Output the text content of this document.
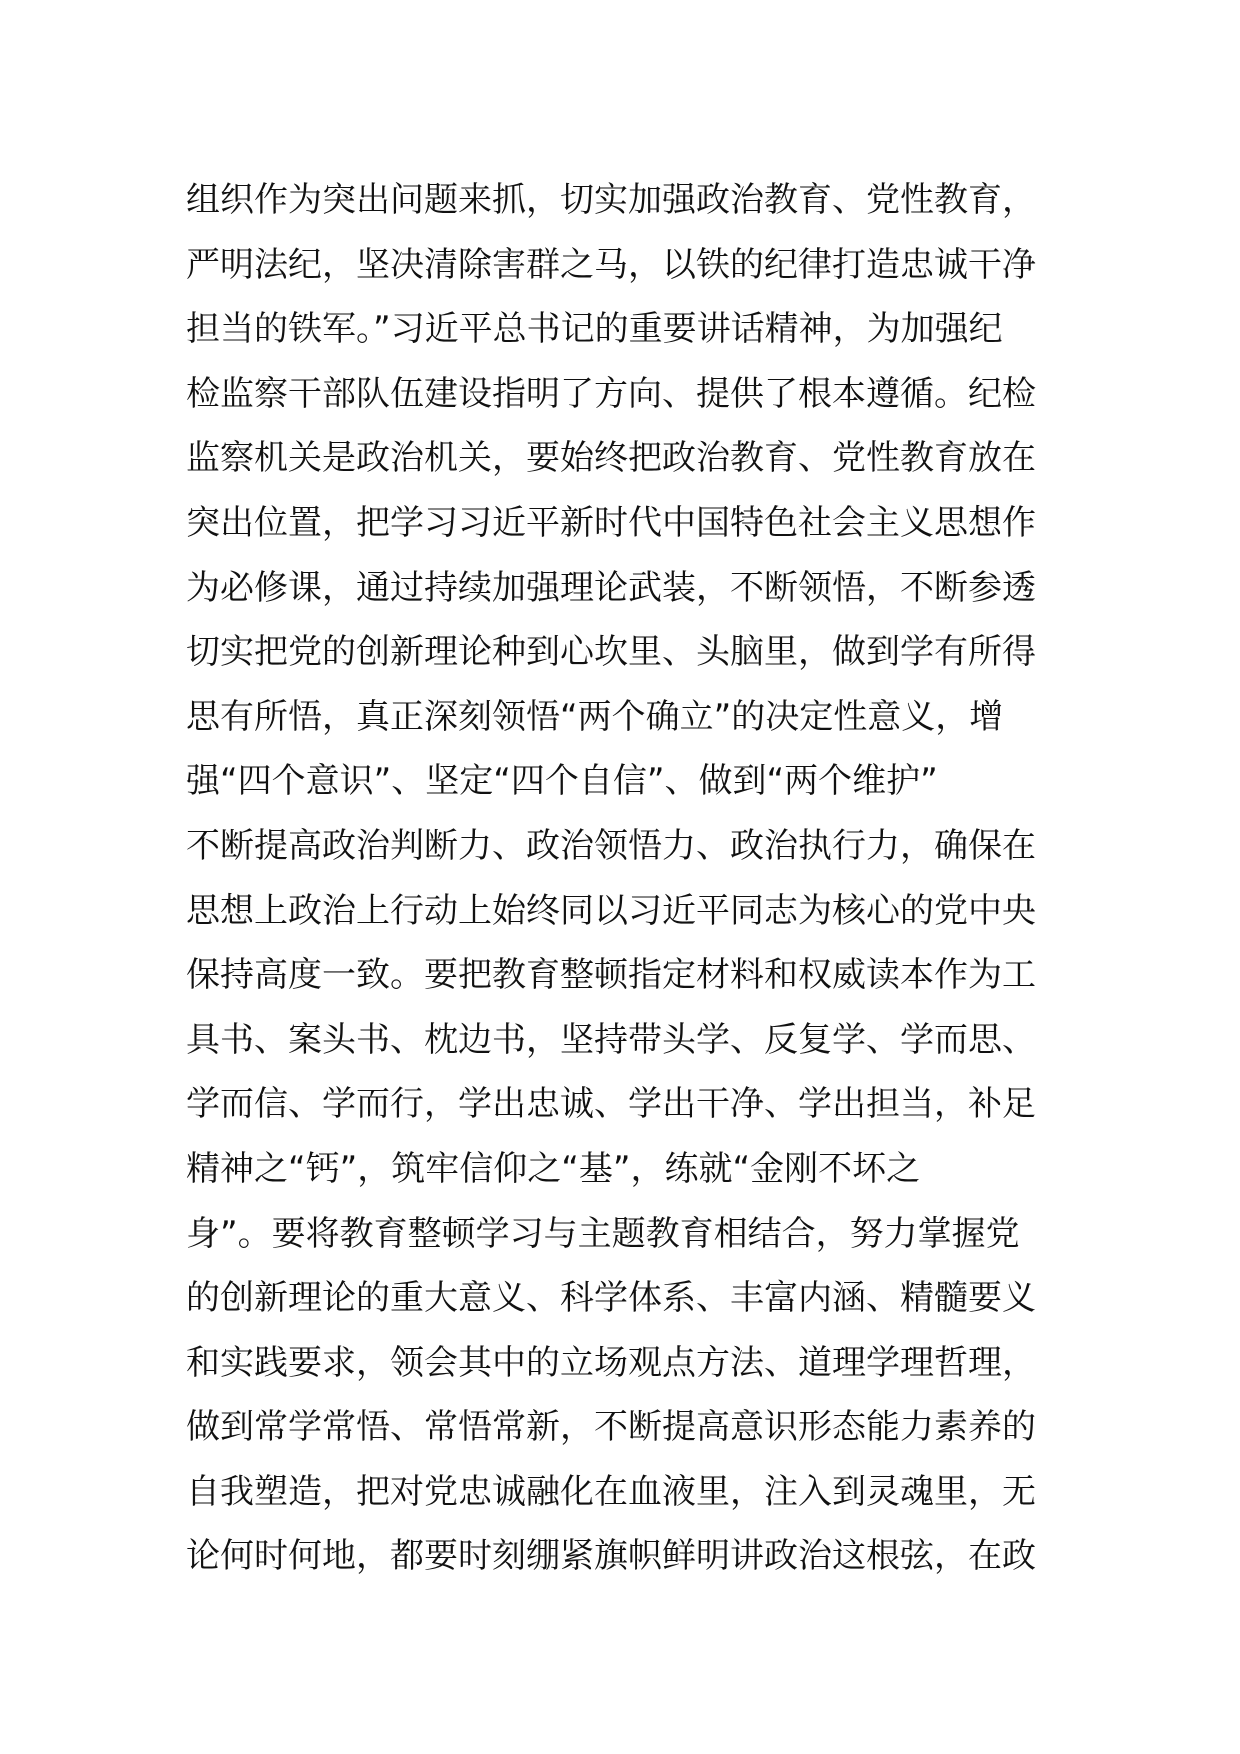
组织作为突出问题来抓，切实加强政治教育、党性教育，
严明法纪，坚决清除害群之马，以铁的纪律打造忠诚干净
担当的铁军。”习近平总书记的重要讲话精神，为加强纪
检监察干部队伍建设指明了方向、提供了根本遵循。纪检
监察机关是政治机关，要始终把政治教育、党性教育放在
突出位置，把学习习近平新时代中国特色社会主义思想作
为必修课，通过持续加强理论武装，不断领悟，不断参透
切实把党的创新理论种到心坎里、头脑里，做到学有所得
思有所悟，真正深刻领悟“两个确立”的决定性意义，增
强“四个意识”、坚定“四个自信”、做到“两个维护”
不断提高政治判断力、政治领悟力、政治执行力，确保在
思想上政治上行动上始终同以习近平同志为核心的党中央
保持高度一致。要把教育整顿指定材料和权威读本作为工
具书、案头书、枕边书，坚持带头学、反复学、学而思、
学而信、学而行，学出忠诚、学出干净、学出担当，补足
精神之“钙”，筑牢信仰之“基”，练就“金刚不坏之
身”。要将教育整顿学习与主题教育相结合，努力掌握党
的创新理论的重大意义、科学体系、丰富内涵、精髓要义
和实践要求，领会其中的立场观点方法、道理学理哲理，
做到常学常悟、常悟常新，不断提高意识形态能力素养的
自我塑造，把对党忠诚融化在血液里，注入到灵魂里，无
论何时何地，都要时刻绷紧旗帜鲜明讲政治这根弦，在政
